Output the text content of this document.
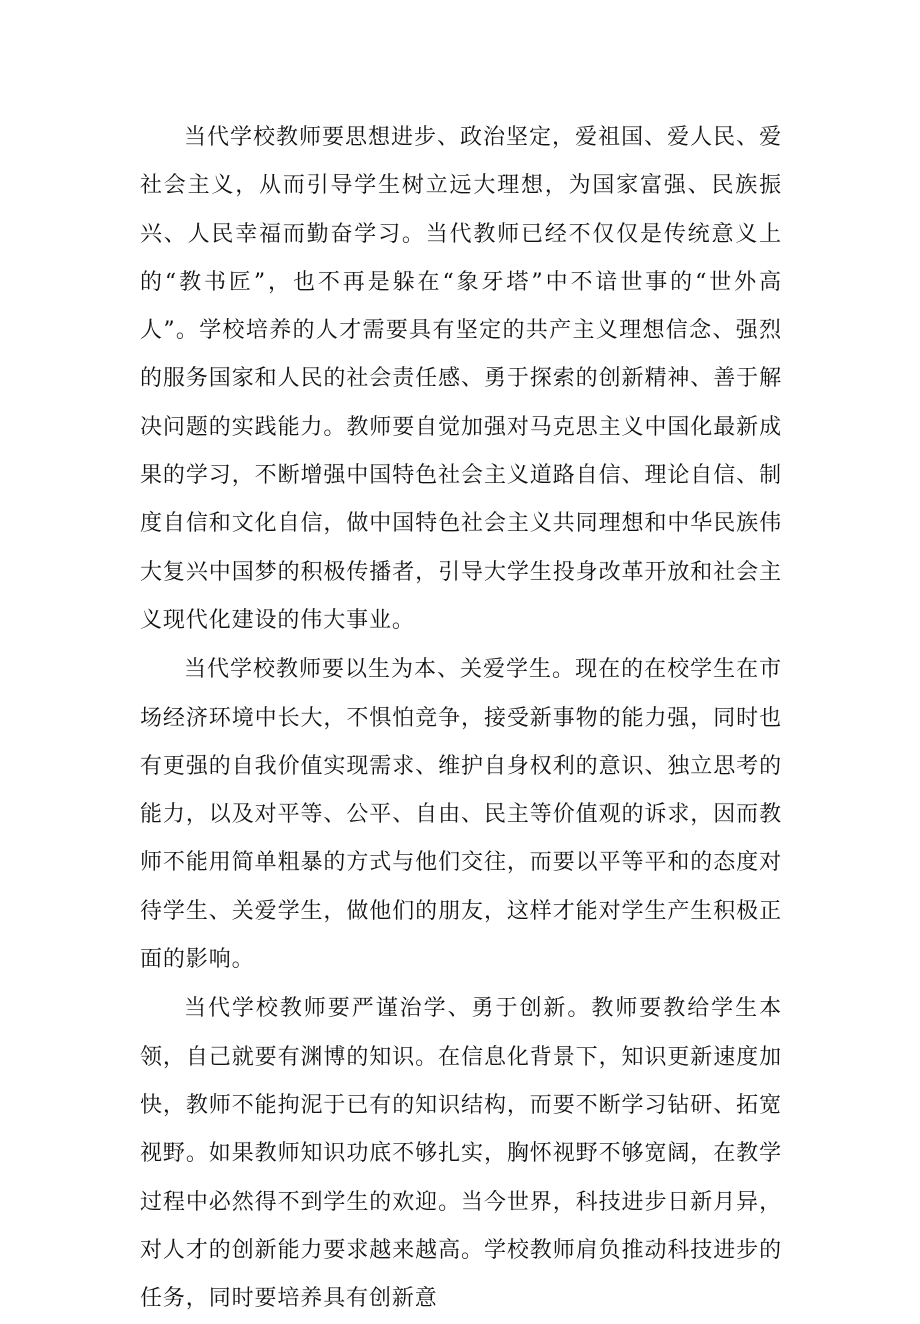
当代学校教师要思想进步、政治坚定，爱祖国、爱人民、爱社会主义，从而引导学生树立远大理想，为国家富强、民族振兴、人民幸福而勤奋学习。当代教师已经不仅仅是传统意义上的“教书匠”，也不再是躲在“象牙塔”中不谙世事的“世外高人”。学校培养的人才需要具有坚定的共产主义理想信念、强烈的服务国家和人民的社会责任感、勇于探索的创新精神、善于解决问题的实践能力。教师要自觉加强对马克思主义中国化最新成果的学习，不断增强中国特色社会主义道路自信、理论自信、制度自信和文化自信，做中国特色社会主义共同理想和中华民族伟大复兴中国梦的积极传播者，引导大学生投身改革开放和社会主义现代化建设的伟大事业。

当代学校教师要以生为本、关爱学生。现在的在校学生在市场经济环境中长大，不惧怕竞争，接受新事物的能力强，同时也有更强的自我价值实现需求、维护自身权利的意识、独立思考的能力，以及对平等、公平、自由、民主等价值观的诉求，因而教师不能用简单粗暴的方式与他们交往，而要以平等平和的态度对待学生、关爱学生，做他们的朋友，这样才能对学生产生积极正面的影响。

当代学校教师要严谨治学、勇于创新。教师要教给学生本领，自己就要有渊博的知识。在信息化背景下，知识更新速度加快，教师不能拘泥于已有的知识结构，而要不断学习钻研、拓宽视野。如果教师知识功底不够扎实，胸怀视野不够宽阔，在教学过程中必然得不到学生的欢迎。当今世界，科技进步日新月异，对人才的创新能力要求越来越高。学校教师肩负推动科技进步的任务，同时要培养具有创新意
